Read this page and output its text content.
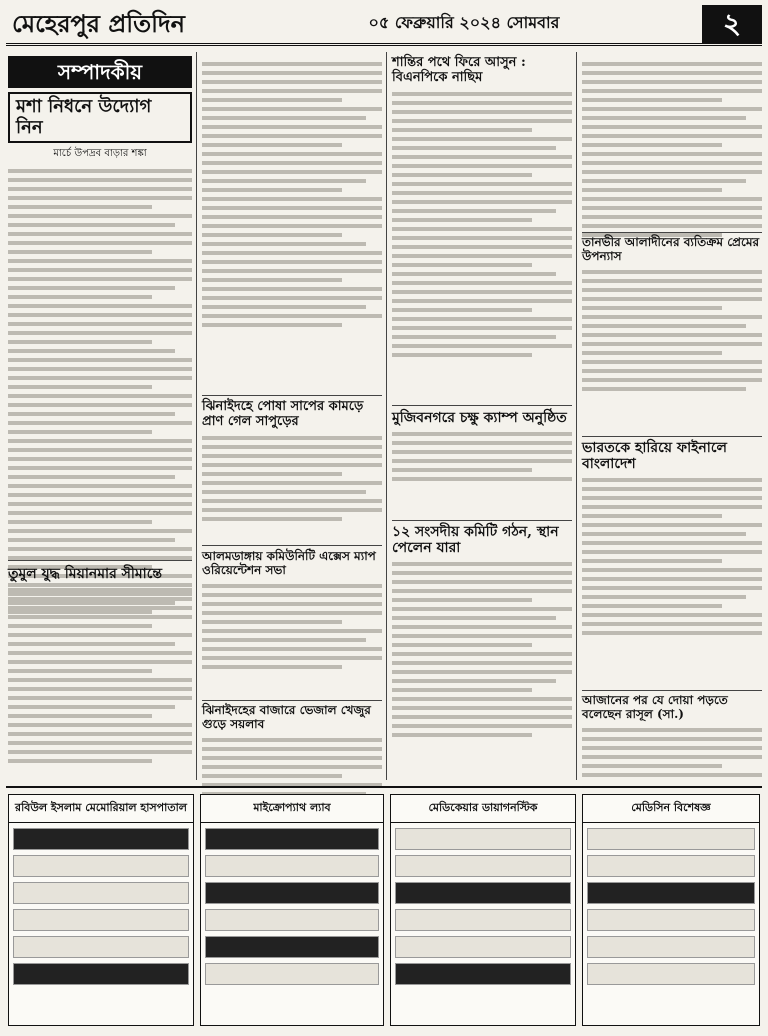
মেহেরপুর প্রতিদিন	০৫ ফেব্রুয়ারি ২০২৪ সোমবার	২
সম্পাদকীয়
মশা নিধনে উদ্যোগ নিন
মার্চে উপদ্রব বাড়ার শঙ্কা
তুমুল যুদ্ধ মিয়ানমার সীমান্তে
ঝিনাইদহে পোষা সাপের কামড়ে প্রাণ গেল সাপুড়ের
আলমডাঙ্গায় কমিউনিটি এক্সেস ম্যাপ ওরিয়েন্টেশন সভা
ঝিনাইদহের বাজারে ভেজাল খেজুর গুড়ে সয়লাব
শান্তির পথে ফিরে আসুন : বিএনপিকে নাছিম
মুজিবনগরে চক্ষু ক্যাম্প অনুষ্ঠিত
১২ সংসদীয় কমিটি গঠন, স্থান পেলেন যারা
তানভীর আলাদীনের ব্যতিক্রম প্রেমের উপন্যাস
ভারতকে হারিয়ে ফাইনালে বাংলাদেশ
আজানের পর যে দোয়া পড়তে বলেছেন রাসূল (সা.)
রবিউল ইসলাম মেমোরিয়াল হাসপাতাল	মাইক্রোপ্যাথ ল্যাব	মেডিকেয়ার ডায়াগনস্টিক	মেডিসিন বিশেষজ্ঞ
